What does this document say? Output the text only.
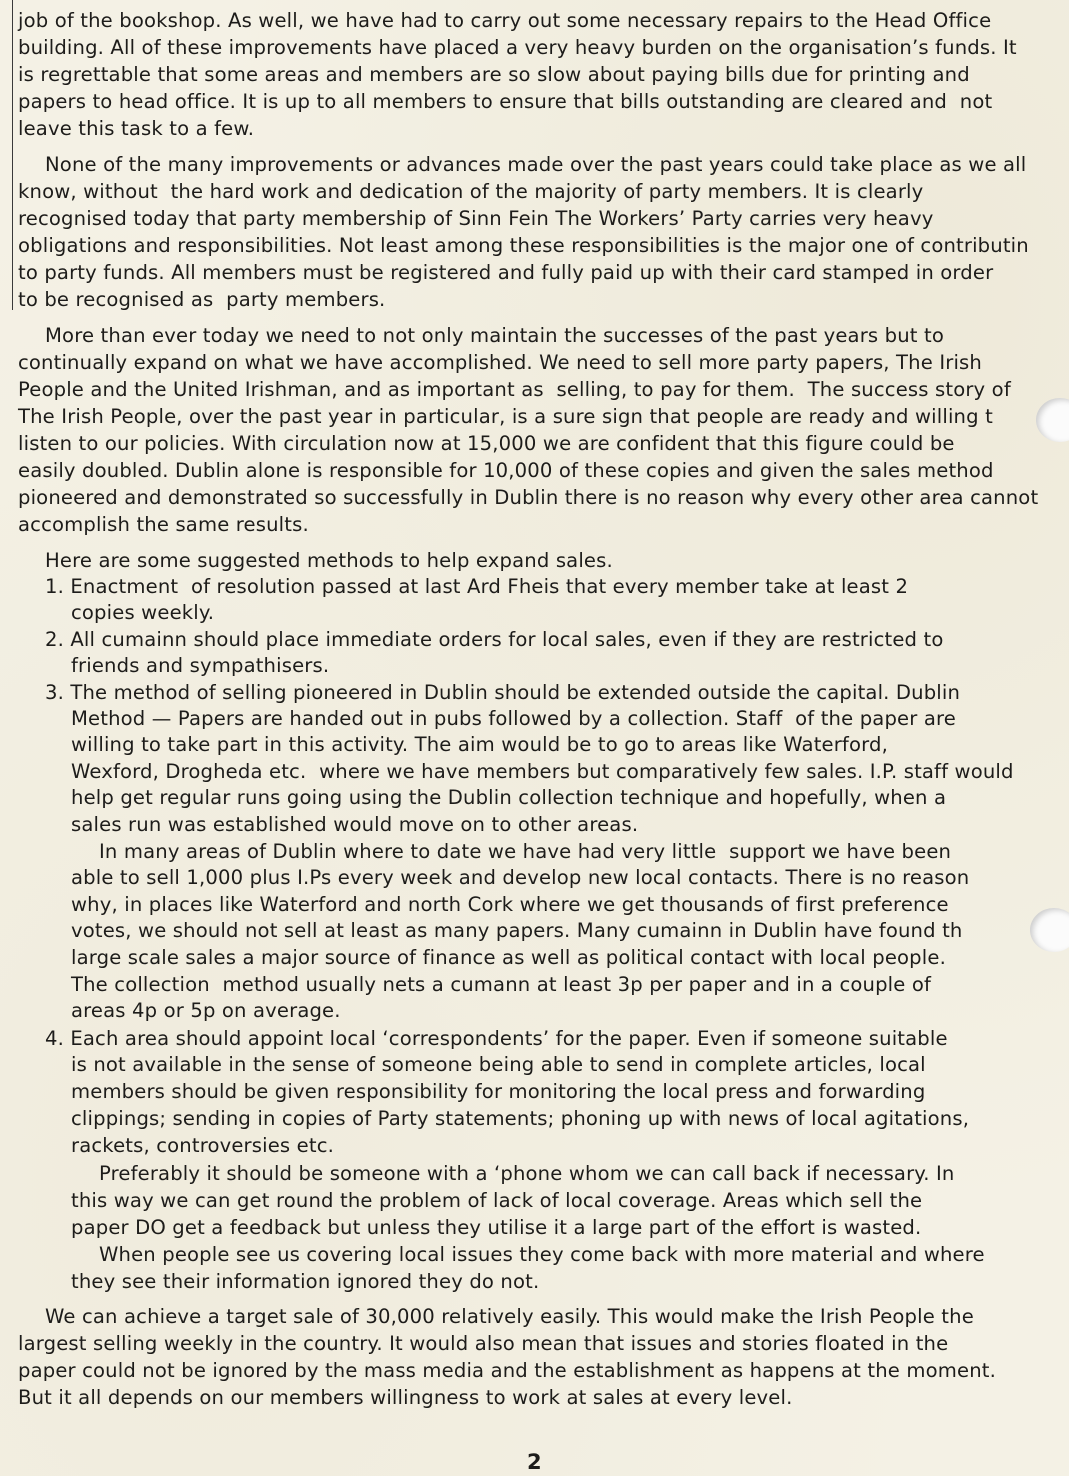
job of the bookshop. As well, we have had to carry out some necessary repairs to the Head Office
building. All of these improvements have placed a very heavy burden on the organisation’s funds. It
is regrettable that some areas and members are so slow about paying bills due for printing and
papers to head office. It is up to all members to ensure that bills outstanding are cleared and  not
leave this task to a few.
None of the many improvements or advances made over the past years could take place as we all
know, without  the hard work and dedication of the majority of party members. It is clearly
recognised today that party membership of Sinn Fein The Workers’ Party carries very heavy
obligations and responsibilities. Not least among these responsibilities is the major one of contributin
to party funds. All members must be registered and fully paid up with their card stamped in order
to be recognised as  party members.
More than ever today we need to not only maintain the successes of the past years but to
continually expand on what we have accomplished. We need to sell more party papers, The Irish
People and the United Irishman, and as important as  selling, to pay for them.  The success story of
The Irish People, over the past year in particular, is a sure sign that people are ready and willing t
listen to our policies. With circulation now at 15,000 we are confident that this figure could be
easily doubled. Dublin alone is responsible for 10,000 of these copies and given the sales method
pioneered and demonstrated so successfully in Dublin there is no reason why every other area cannot
accomplish the same results.
Here are some suggested methods to help expand sales.
1. Enactment  of resolution passed at last Ard Fheis that every member take at least 2
copies weekly.
2. All cumainn should place immediate orders for local sales, even if they are restricted to
friends and sympathisers.
3. The method of selling pioneered in Dublin should be extended outside the capital. Dublin
Method — Papers are handed out in pubs followed by a collection. Staff  of the paper are
willing to take part in this activity. The aim would be to go to areas like Waterford,
Wexford, Drogheda etc.  where we have members but comparatively few sales. I.P. staff would
help get regular runs going using the Dublin collection technique and hopefully, when a
sales run was established would move on to other areas.
In many areas of Dublin where to date we have had very little  support we have been
able to sell 1,000 plus I.Ps every week and develop new local contacts. There is no reason
why, in places like Waterford and north Cork where we get thousands of first preference
votes, we should not sell at least as many papers. Many cumainn in Dublin have found th
large scale sales a major source of finance as well as political contact with local people.
The collection  method usually nets a cumann at least 3p per paper and in a couple of
areas 4p or 5p on average.
4. Each area should appoint local ‘correspondents’ for the paper. Even if someone suitable
is not available in the sense of someone being able to send in complete articles, local
members should be given responsibility for monitoring the local press and forwarding
clippings; sending in copies of Party statements; phoning up with news of local agitations,
rackets, controversies etc.
Preferably it should be someone with a ‘phone whom we can call back if necessary. In
this way we can get round the problem of lack of local coverage. Areas which sell the
paper DO get a feedback but unless they utilise it a large part of the effort is wasted.
When people see us covering local issues they come back with more material and where
they see their information ignored they do not.
We can achieve a target sale of 30,000 relatively easily. This would make the Irish People the
largest selling weekly in the country. It would also mean that issues and stories floated in the
paper could not be ignored by the mass media and the establishment as happens at the moment.
But it all depends on our members willingness to work at sales at every level.
2
